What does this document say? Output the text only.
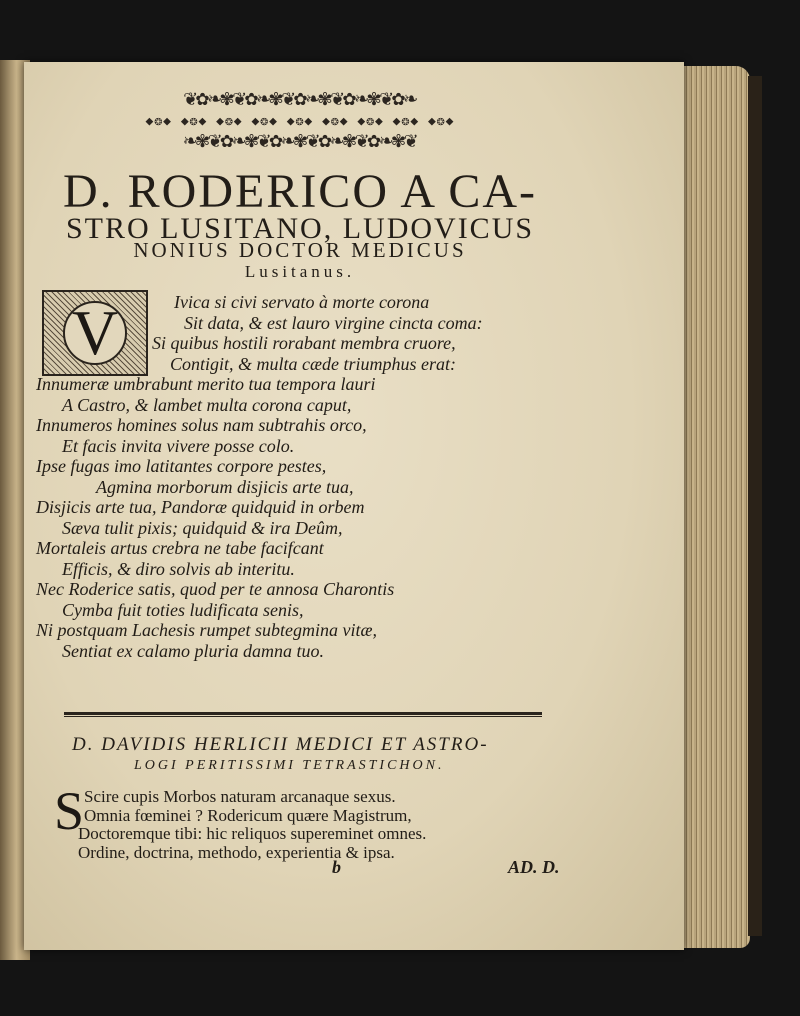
❦✿❧✾❦✿❧✾❦✿❧✾❦✿❧✾❦✿❧
◆❂◆ ◆❂◆ ◆❂◆ ◆❂◆ ◆❂◆ ◆❂◆ ◆❂◆ ◆❂◆ ◆❂◆
❧✾❦✿❧✾❦✿❧✾❦✿❧✾❦✿❧✾❦
D. RODERICO A CA-
STRO LUSITANO, LUDOVICUS
NONIUS DOCTOR MEDICUS
Lusitanus.
V	Ivica si civi servato à morte corona
Sit data, & est lauro virgine cincta coma:
Si quibus hostili rorabant membra cruore,
Contigit, & multa cæde triumphus erat:
Innumeræ umbrabunt merito tua tempora lauri
A Castro, & lambet multa corona caput,
Innumeros homines solus nam subtrahis orco,
Et facis invita vivere posse colo.
Ipse fugas imo latitantes corpore pestes,
Agmina morborum disjicis arte tua,
Disjicis arte tua, Pandoræ quidquid in orbem
Sæva tulit pixis; quidquid & ira Deûm,
Mortaleis artus crebra ne tabe facifcant
Efficis, & diro solvis ab interitu.
Nec Roderice satis, quod per te annosa Charontis
Cymba fuit toties ludificata senis,
Ni postquam Lachesis rumpet subtegmina vitæ,
Sentiat ex calamo pluria damna tuo.
D. DAVIDIS HERLICII MEDICI ET ASTRO-
LOGI PERITISSIMI TETRASTICHON.
S Scire cupis Morbos naturam arcanaque sexus.
Omnia fœminei ? Rodericum quære Magistrum,
Doctoremque tibi: hic reliquos supereminet omnes.
Ordine, doctrina, methodo, experientia & ipsa.
b	AD. D.
